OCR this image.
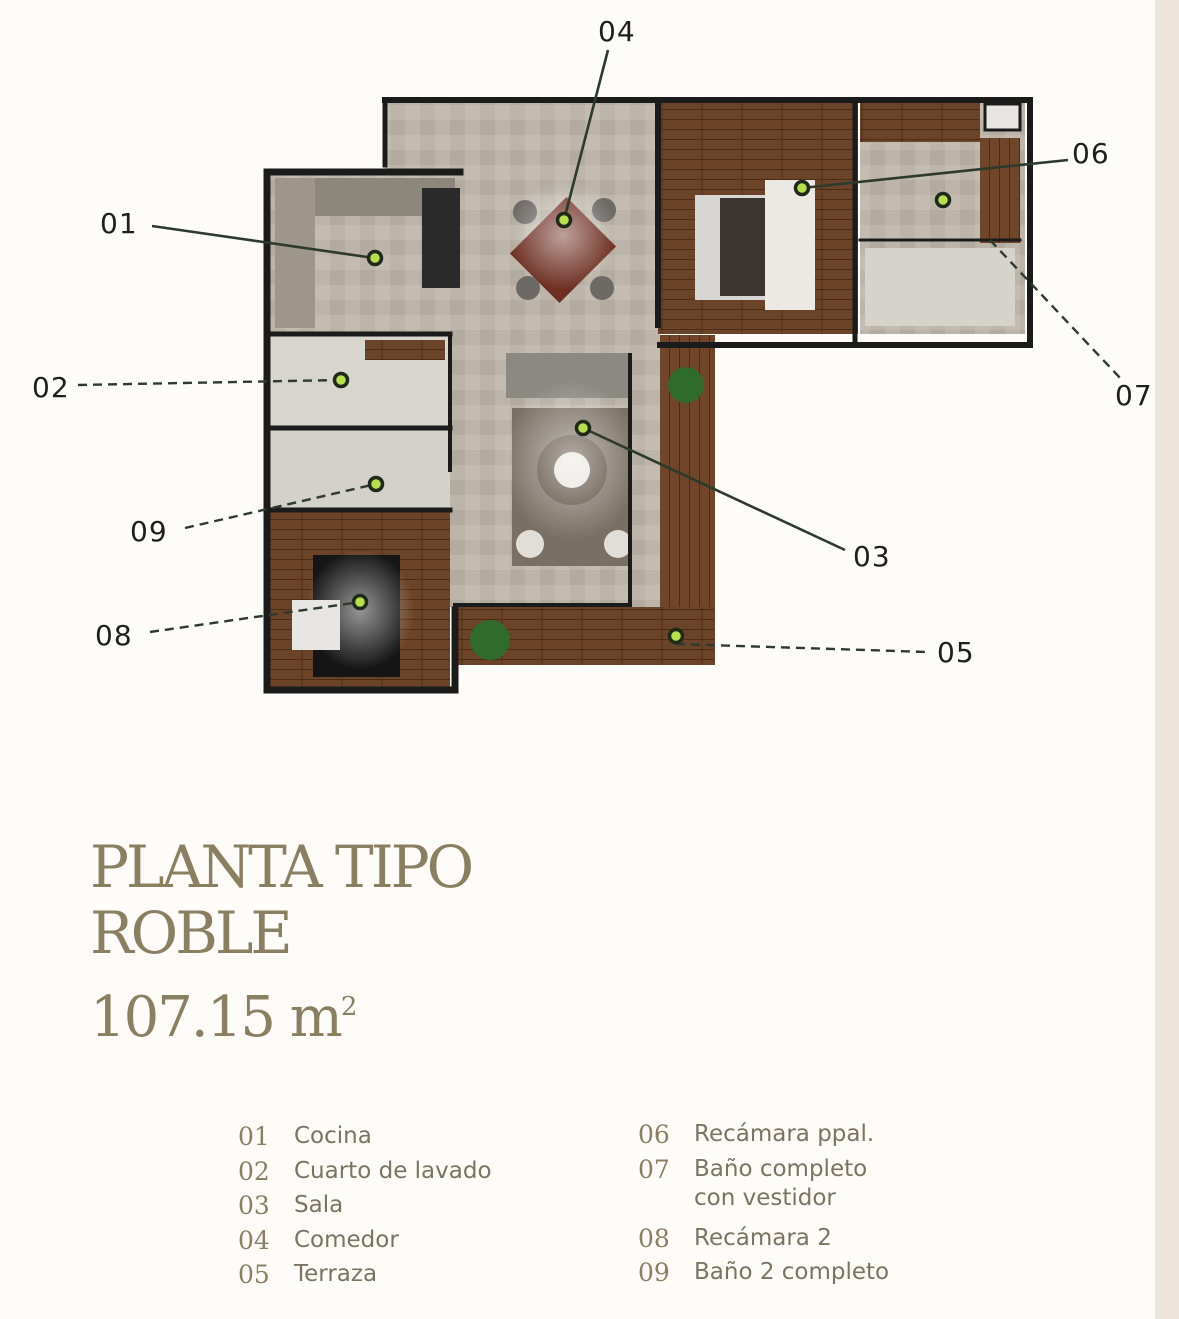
04
06
01
02	07
09
03
08
05
PLANTA TIPO
ROBLE
107.15 $m^2$
01	Cocina
02	Cuarto de lavado
03	Sala
04	Comedor
05	Terraza
06	Recámara ppal.
07	Baño completo
con vestidor
08	Recámara 2
09	Baño 2 completo
